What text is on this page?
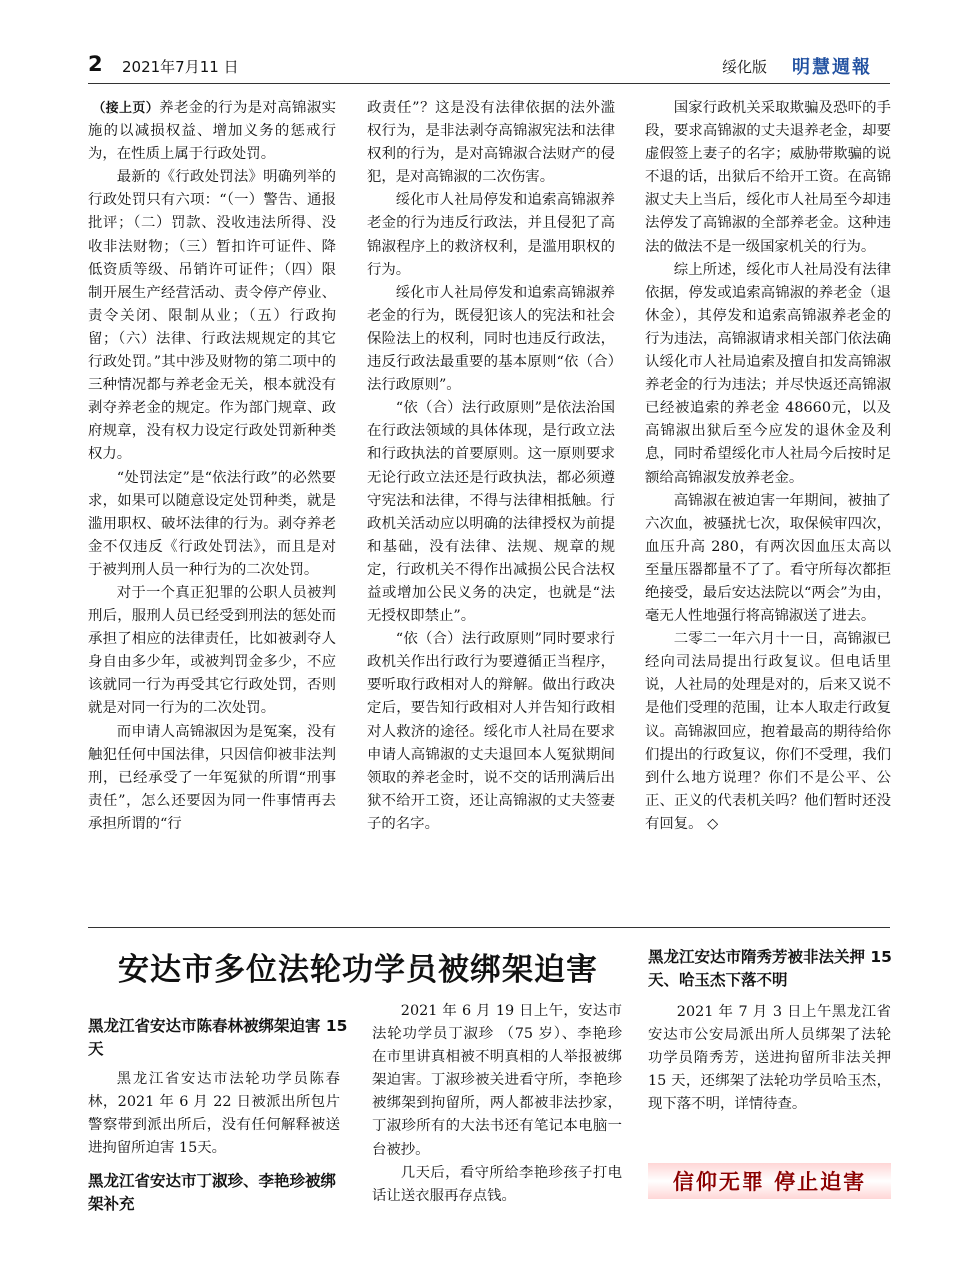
2 2021年7月11 日	绥化版 明慧週報

（接上页）养老金的行为是对高锦淑实施的以减损权益、增加义务的惩戒行为，在性质上属于行政处罚。

最新的《行政处罚法》明确列举的行政处罚只有六项：“（一）警告、通报批评；（二）罚款、没收违法所得、没收非法财物；（三）暂扣许可证件、降低资质等级、吊销许可证件；（四）限制开展生产经营活动、责令停产停业、责令关闭、限制从业；（五）行政拘留；（六）法律、行政法规规定的其它行政处罚。”其中涉及财物的第二项中的三种情况都与养老金无关，根本就没有剥夺养老金的规定。作为部门规章、政府规章，没有权力设定行政处罚新种类权力。

“处罚法定”是“依法行政”的必然要求，如果可以随意设定处罚种类，就是滥用职权、破坏法律的行为。剥夺养老金不仅违反《行政处罚法》，而且是对于被判刑人员一种行为的二次处罚。

对于一个真正犯罪的公职人员被判刑后，服刑人员已经受到刑法的惩处而承担了相应的法律责任，比如被剥夺人身自由多少年，或被判罚金多少，不应该就同一行为再受其它行政处罚，否则就是对同一行为的二次处罚。

而申请人高锦淑因为是冤案，没有触犯任何中国法律，只因信仰被非法判刑，已经承受了一年冤狱的所谓“刑事责任”，怎么还要因为同一件事情再去承担所谓的“行

政责任”？这是没有法律依据的法外滥权行为，是非法剥夺高锦淑宪法和法律权利的行为，是对高锦淑合法财产的侵犯，是对高锦淑的二次伤害。

绥化市人社局停发和追索高锦淑养老金的行为违反行政法，并且侵犯了高锦淑程序上的救济权利，是滥用职权的行为。

绥化市人社局停发和追索高锦淑养老金的行为，既侵犯该人的宪法和社会保险法上的权利，同时也违反行政法，违反行政法最重要的基本原则“依（合）法行政原则”。

“依（合）法行政原则”是依法治国在行政法领域的具体体现，是行政立法和行政执法的首要原则。这一原则要求无论行政立法还是行政执法，都必须遵守宪法和法律，不得与法律相抵触。行政机关活动应以明确的法律授权为前提和基础，没有法律、法规、规章的规定，行政机关不得作出减损公民合法权益或增加公民义务的决定，也就是“法无授权即禁止”。

“依（合）法行政原则”同时要求行政机关作出行政行为要遵循正当程序，要听取行政相对人的辩解。做出行政决定后，要告知行政相对人并告知行政相对人救济的途径。绥化市人社局在要求申请人高锦淑的丈夫退回本人冤狱期间领取的养老金时，说不交的话刑满后出狱不给开工资，还让高锦淑的丈夫签妻子的名字。

国家行政机关采取欺骗及恐吓的手段，要求高锦淑的丈夫退养老金，却要虚假签上妻子的名字；威胁带欺骗的说不退的话，出狱后不给开工资。在高锦淑丈夫上当后，绥化市人社局至今却违法停发了高锦淑的全部养老金。这种违法的做法不是一级国家机关的行为。

综上所述，绥化市人社局没有法律依据，停发或追索高锦淑的养老金（退休金），其停发和追索高锦淑养老金的行为违法，高锦淑请求相关部门依法确认绥化市人社局追索及擅自扣发高锦淑养老金的行为违法；并尽快返还高锦淑已经被追索的养老金 48660元，以及高锦淑出狱后至今应发的退休金及利息，同时希望绥化市人社局今后按时足额给高锦淑发放养老金。

高锦淑在被迫害一年期间，被抽了六次血，被骚扰七次，取保候审四次，血压升高 280，有两次因血压太高以至量压器都量不了了。看守所每次都拒绝接受，最后安达法院以“两会”为由，毫无人性地强行将高锦淑送了进去。

二零二一年六月十一日，高锦淑已经向司法局提出行政复议。但电话里说，人社局的处理是对的，后来又说不是他们受理的范围，让本人取走行政复议。高锦淑回应，抱着最高的期待给你们提出的行政复议，你们不受理，我们到什么地方说理？你们不是公平、公正、正义的代表机关吗？他们暂时还没有回复。 ◇

安达市多位法轮功学员被绑架迫害
黑龙江省安达市陈春林被绑架迫害 15 天

黑龙江省安达市法轮功学员陈春林，2021 年 6 月 22 日被派出所包片警察带到派出所后，没有任何解释被送进拘留所迫害 15天。

黑龙江省安达市丁淑珍、李艳珍被绑架补充

2021 年 6 月 19 日上午，安达市法轮功学员丁淑珍 （75 岁）、李艳珍在市里讲真相被不明真相的人举报被绑架迫害。丁淑珍被关进看守所，李艳珍被绑架到拘留所，两人都被非法抄家，丁淑珍所有的大法书还有笔记本电脑一台被抄。

几天后，看守所给李艳珍孩子打电话让送衣服再存点钱。

黑龙江安达市隋秀芳被非法关押 15 天、哈玉杰下落不明

2021 年 7 月 3 日上午黑龙江省安达市公安局派出所人员绑架了法轮功学员隋秀芳，送进拘留所非法关押 15 天，还绑架了法轮功学员哈玉杰，现下落不明，详情待查。

信仰无罪 停止迫害
